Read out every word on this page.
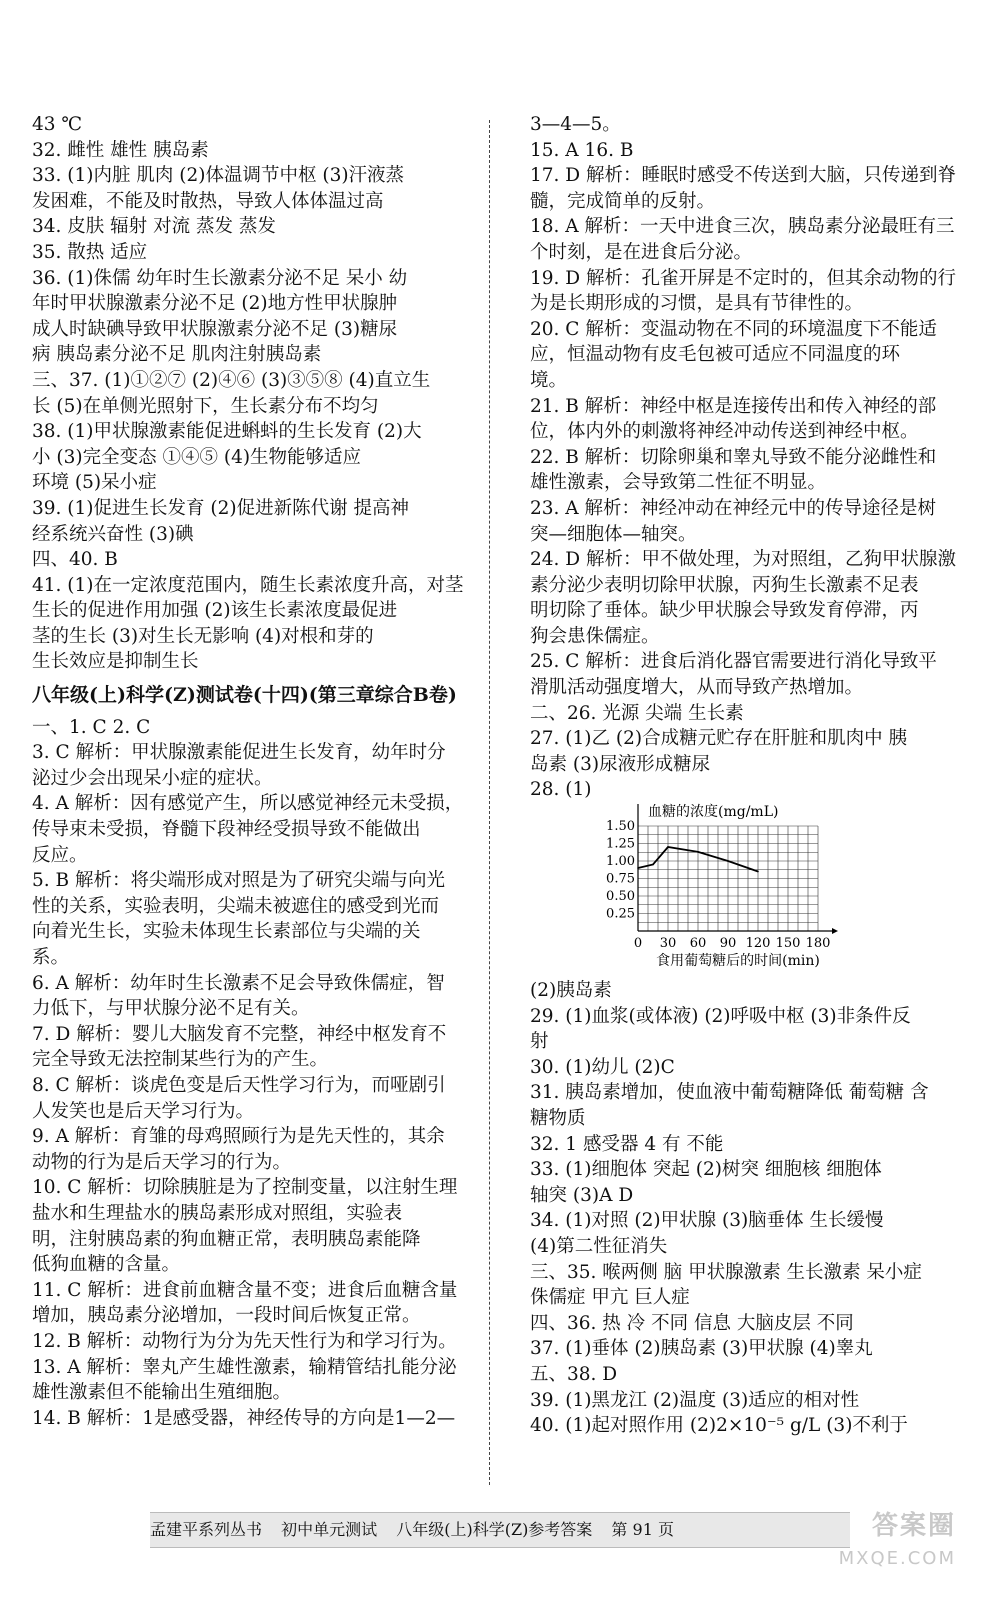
43 ℃
32. 雌性 雄性 胰岛素
33. (1)内脏 肌肉 (2)体温调节中枢 (3)汗液蒸
发困难，不能及时散热，导致人体体温过高
34. 皮肤 辐射 对流 蒸发 蒸发
35. 散热 适应
36. (1)侏儒 幼年时生长激素分泌不足 呆小 幼
年时甲状腺激素分泌不足 (2)地方性甲状腺肿
成人时缺碘导致甲状腺激素分泌不足 (3)糖尿
病 胰岛素分泌不足 肌肉注射胰岛素
三、37. (1)①②⑦ (2)④⑥ (3)③⑤⑧ (4)直立生
长 (5)在单侧光照射下，生长素分布不均匀
38. (1)甲状腺激素能促进蝌蚪的生长发育 (2)大
小 (3)完全变态 ①④⑤ (4)生物能够适应
环境 (5)呆小症
39. (1)促进生长发育 (2)促进新陈代谢 提高神
经系统兴奋性 (3)碘
四、40. B
41. (1)在一定浓度范围内，随生长素浓度升高，对茎
生长的促进作用加强 (2)该生长素浓度最促进
茎的生长 (3)对生长无影响 (4)对根和芽的
生长效应是抑制生长
八年级(上)科学(Z)测试卷(十四)(第三章综合B卷)
一、1. C 2. C
3. C 解析：甲状腺激素能促进生长发育，幼年时分
泌过少会出现呆小症的症状。
4. A 解析：因有感觉产生，所以感觉神经元未受损，
传导束未受损，脊髓下段神经受损导致不能做出
反应。
5. B 解析：将尖端形成对照是为了研究尖端与向光
性的关系，实验表明，尖端未被遮住的感受到光而
向着光生长，实验未体现生长素部位与尖端的关
系。
6. A 解析：幼年时生长激素不足会导致侏儒症，智
力低下，与甲状腺分泌不足有关。
7. D 解析：婴儿大脑发育不完整，神经中枢发育不
完全导致无法控制某些行为的产生。
8. C 解析：谈虎色变是后天性学习行为，而哑剧引
人发笑也是后天学习行为。
9. A 解析：育雏的母鸡照顾行为是先天性的，其余
动物的行为是后天学习的行为。
10. C 解析：切除胰脏是为了控制变量，以注射生理
盐水和生理盐水的胰岛素形成对照组，实验表
明，注射胰岛素的狗血糖正常，表明胰岛素能降
低狗血糖的含量。
11. C 解析：进食前血糖含量不变；进食后血糖含量
增加，胰岛素分泌增加，一段时间后恢复正常。
12. B 解析：动物行为分为先天性行为和学习行为。
13. A 解析：睾丸产生雄性激素，输精管结扎能分泌
雄性激素但不能输出生殖细胞。
14. B 解析：1是感受器，神经传导的方向是1—2—
3—4—5。
15. A 16. B
17. D 解析：睡眠时感受不传送到大脑，只传递到脊
髓，完成简单的反射。
18. A 解析：一天中进食三次，胰岛素分泌最旺有三
个时刻，是在进食后分泌。
19. D 解析：孔雀开屏是不定时的，但其余动物的行
为是长期形成的习惯，是具有节律性的。
20. C 解析：变温动物在不同的环境温度下不能适
应，恒温动物有皮毛包被可适应不同温度的环
境。
21. B 解析：神经中枢是连接传出和传入神经的部
位，体内外的刺激将神经冲动传送到神经中枢。
22. B 解析：切除卵巢和睾丸导致不能分泌雌性和
雄性激素，会导致第二性征不明显。
23. A 解析：神经冲动在神经元中的传导途径是树
突—细胞体—轴突。
24. D 解析：甲不做处理，为对照组，乙狗甲状腺激
素分泌少表明切除甲状腺，丙狗生长激素不足表
明切除了垂体。缺少甲状腺会导致发育停滞，丙
狗会患侏儒症。
25. C 解析：进食后消化器官需要进行消化导致平
滑肌活动强度增大，从而导致产热增加。
二、26. 光源 尖端 生长素
27. (1)乙 (2)合成糖元贮存在肝脏和肌肉中 胰
岛素 (3)尿液形成糖尿
28. (1)
0.25
0.50
0.75
1.00
1.25
1.50
0 30 60 90 120 150 180
血糖的浓度(mg/mL)
食用葡萄糖后的时间(min)
(2)胰岛素
29. (1)血浆(或体液) (2)呼吸中枢 (3)非条件反
射
30. (1)幼儿 (2)C
31. 胰岛素增加，使血液中葡萄糖降低 葡萄糖 含
糖物质
32. 1 感受器 4 有 不能
33. (1)细胞体 突起 (2)树突 细胞核 细胞体
轴突 (3)A D
34. (1)对照 (2)甲状腺 (3)脑垂体 生长缓慢
(4)第二性征消失
三、35. 喉两侧 脑 甲状腺激素 生长激素 呆小症
侏儒症 甲亢 巨人症
四、36. 热 冷 不同 信息 大脑皮层 不同
37. (1)垂体 (2)胰岛素 (3)甲状腺 (4)睾丸
五、38. D
39. (1)黑龙江 (2)温度 (3)适应的相对性
40. (1)起对照作用 (2)2×10⁻⁵ g/L (3)不利于
孟建平系列丛书 初中单元测试 八年级(上)科学(Z)参考答案 第 91 页	答案圈
MXQE.COM
